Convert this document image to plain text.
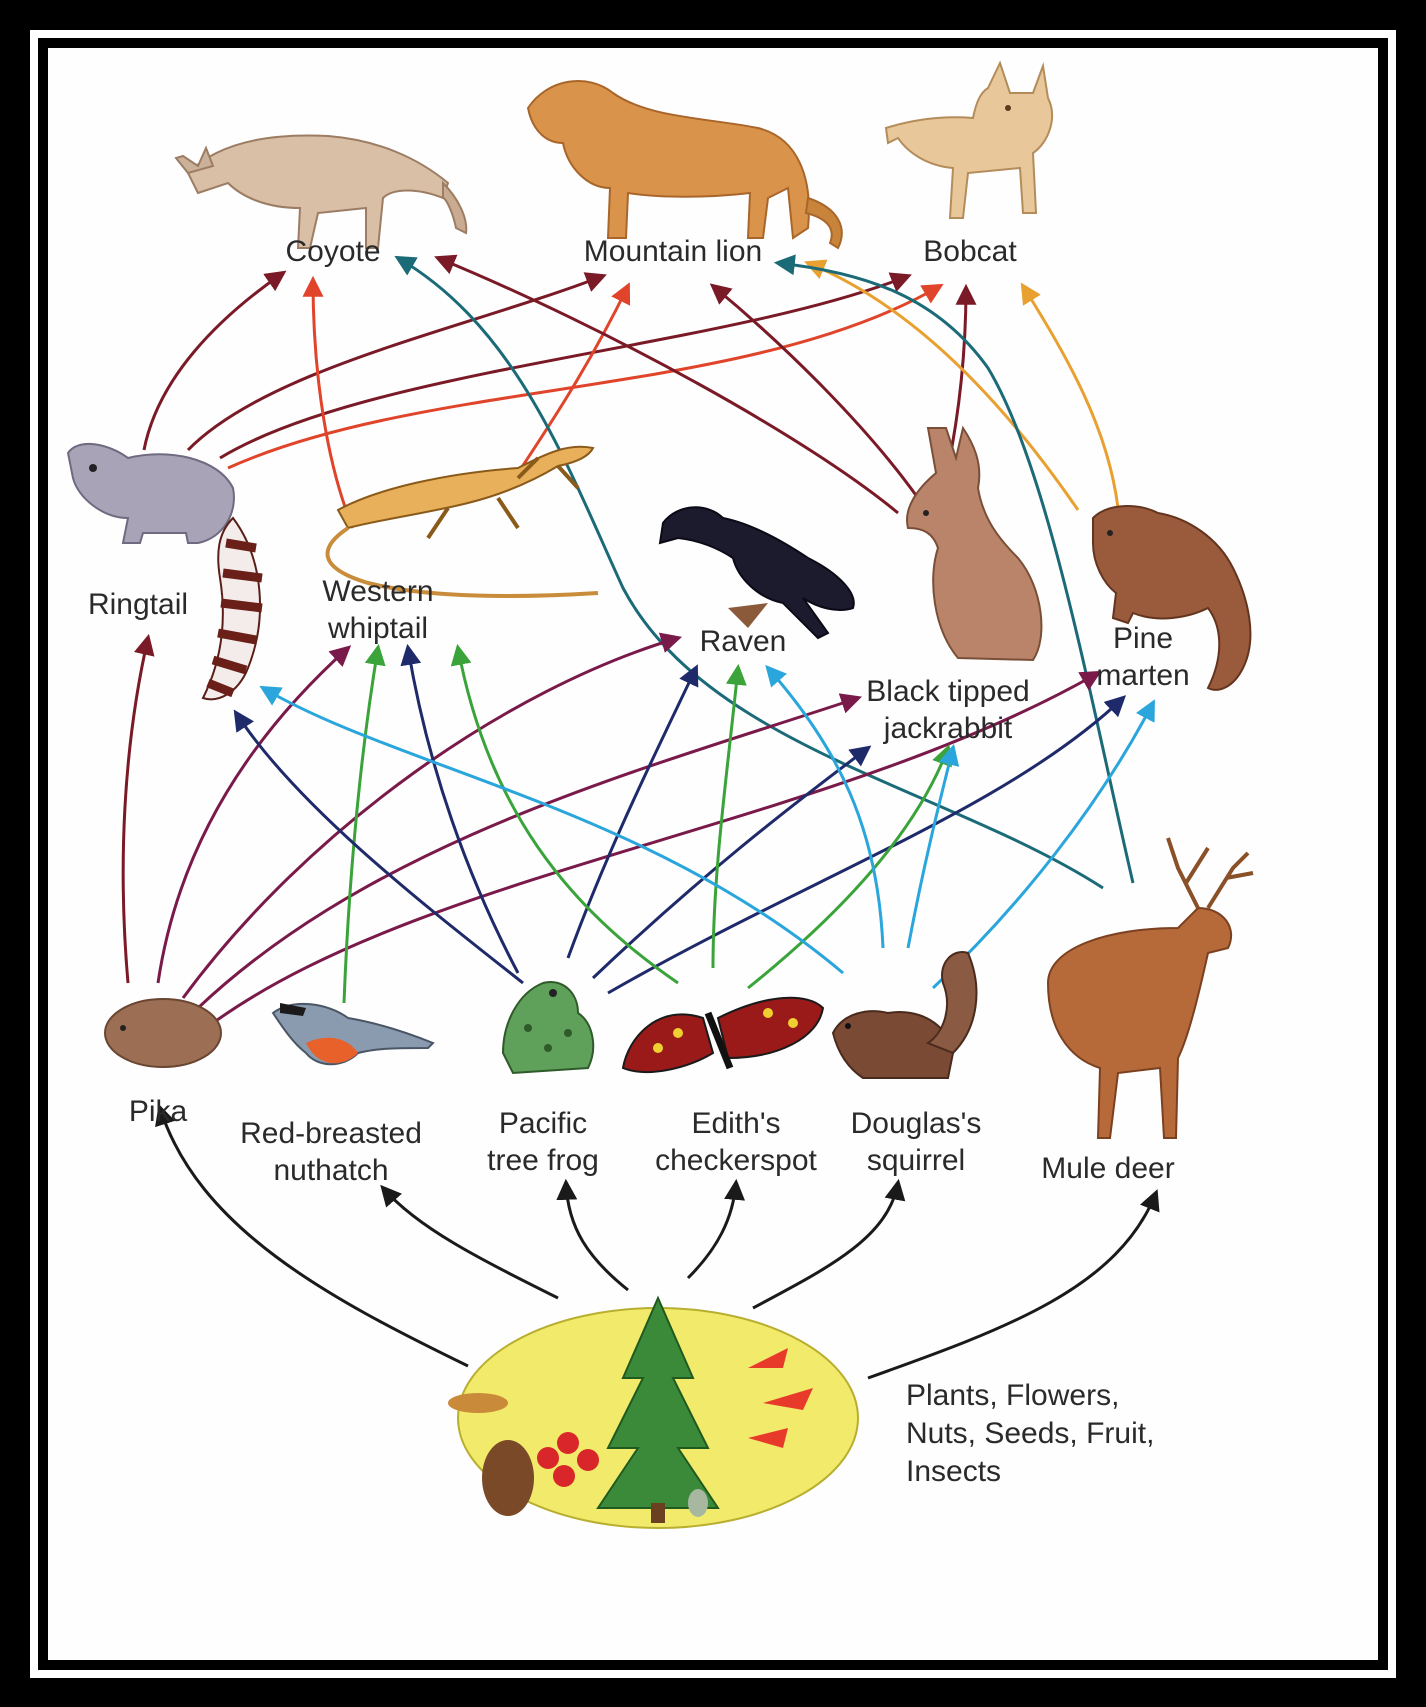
Coyote	Mountain lion	Bobcat
Ringtail	Western
whiptail	Raven
Black tipped
jackrabbit
Pine
marten
Pika
Red-breasted
nuthatch
Pacific
tree frog
Edith's
checkerspot
Douglas's
squirrel	Mule deer
Plants, Flowers,
Nuts, Seeds, Fruit,
Insects
